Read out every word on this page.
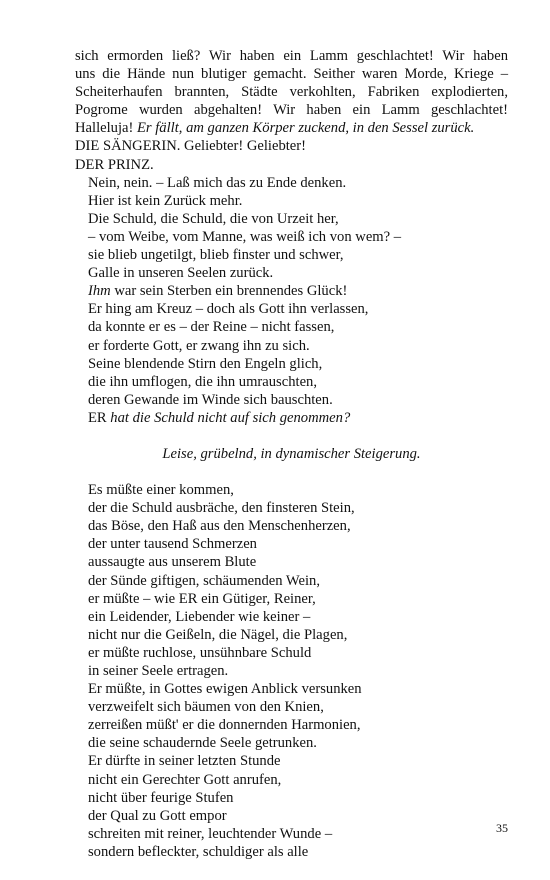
sich ermorden ließ? Wir haben ein Lamm geschlachtet! Wir haben
uns die Hände nun blutiger gemacht. Seither waren Morde, Kriege –
Scheiterhaufen brannten, Städte verkohlten, Fabriken explodierten,
Pogrome wurden abgehalten! Wir haben ein Lamm geschlachtet!
Halleluja! Er fällt, am ganzen Körper zuckend, in den Sessel zurück.
DIE SÄNGERIN. Geliebter! Geliebter!
DER PRINZ.
Nein, nein. – Laß mich das zu Ende denken.
Hier ist kein Zurück mehr.
Die Schuld, die Schuld, die von Urzeit her,
– vom Weibe, vom Manne, was weiß ich von wem? –
sie blieb ungetilgt, blieb finster und schwer,
Galle in unseren Seelen zurück.
Ihm war sein Sterben ein brennendes Glück!
Er hing am Kreuz – doch als Gott ihn verlassen,
da konnte er es – der Reine – nicht fassen,
er forderte Gott, er zwang ihn zu sich.
Seine blendende Stirn den Engeln glich,
die ihn umflogen, die ihn umrauschten,
deren Gewande im Winde sich bauschten.
ER hat die Schuld nicht auf sich genommen?
Leise, grübelnd, in dynamischer Steigerung.
Es müßte einer kommen,
der die Schuld ausbräche, den finsteren Stein,
das Böse, den Haß aus den Menschenherzen,
der unter tausend Schmerzen
aussaugte aus unserem Blute
der Sünde giftigen, schäumenden Wein,
er müßte – wie ER ein Gütiger, Reiner,
ein Leidender, Liebender wie keiner –
nicht nur die Geißeln, die Nägel, die Plagen,
er müßte ruchlose, unsühnbare Schuld
in seiner Seele ertragen.
Er müßte, in Gottes ewigen Anblick versunken
verzweifelt sich bäumen von den Knien,
zerreißen müßt' er die donnernden Harmonien,
die seine schaudernde Seele getrunken.
Er dürfte in seiner letzten Stunde
nicht ein Gerechter Gott anrufen,
nicht über feurige Stufen
der Qual zu Gott empor
schreiten mit reiner, leuchtender Wunde –
sondern befleckter, schuldiger als alle
35
